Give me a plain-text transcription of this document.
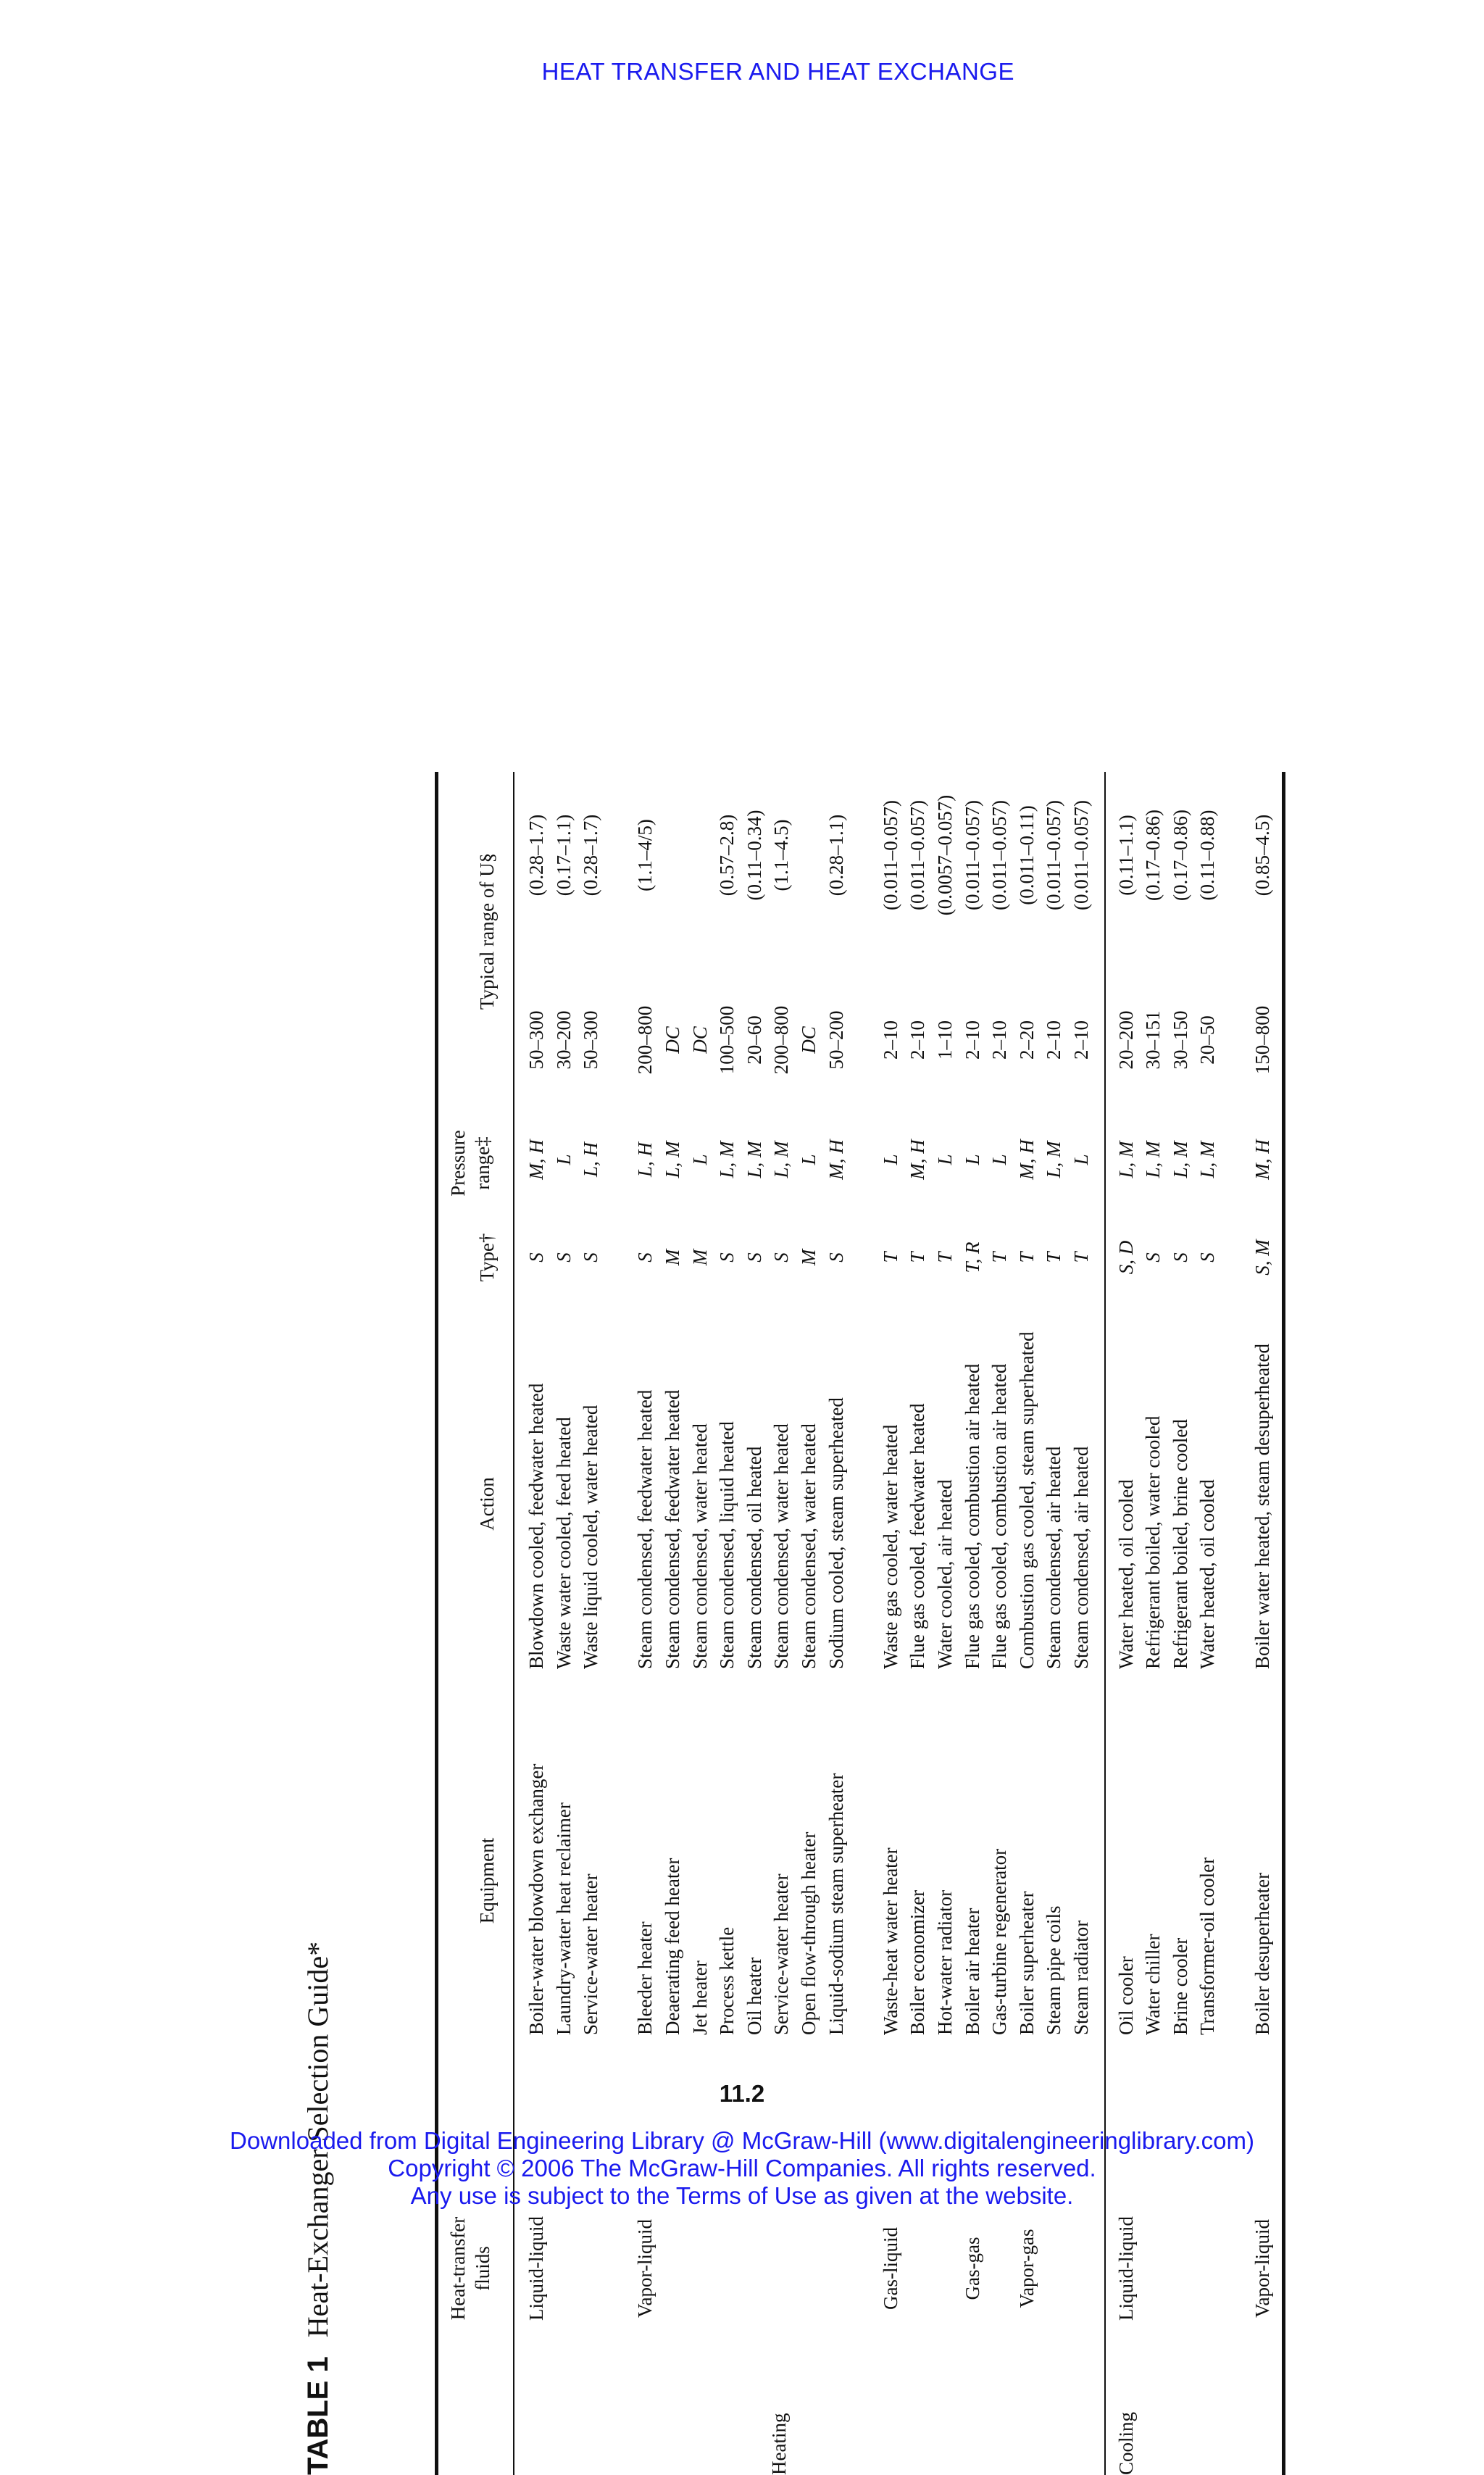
HEAT TRANSFER AND HEAT EXCHANGE
TABLE 1Heat-Exchanger Selection Guide*	Heat-transfer fluids
Equipment
Action
Type†
Pressure range‡
Typical range of U§
Liquid-liquid
Boiler-water blowdown exchanger
Blowdown cooled, feedwater heated
S
M, H
50–300
(0.28–1.7)
Laundry-water heat reclaimer
Waste water cooled, feed heated
S
L
30–200
(0.17–1.1)
Service-water heater
Waste liquid cooled, water heated
S
L, H
50–300
(0.28–1.7)
Vapor-liquid
Bleeder heater
Steam condensed, feedwater heated
S
L, H
200–800
(1.1–4/5)
Deaerating feed heater
Steam condensed, feedwater heated
M
L, M
DC
Jet heater
Steam condensed, water heated
M
L
DC
Process kettle
Steam condensed, liquid heated
S
L, M
100–500
(0.57–2.8)
Oil heater
Steam condensed, oil heated
S
L, M
20–60
(0.11–0.34)
Service-water heater
Steam condensed, water heated
S
L, M
200–800
(1.1–4.5)
Open flow-through heater
Steam condensed, water heated
M
L
DC
Liquid-sodium steam superheater
Sodium cooled, steam superheated
S
M, H
50–200
(0.28–1.1)
Gas-liquid
Waste-heat water heater
Waste gas cooled, water heated
T
L
2–10
(0.011–0.057)
Boiler economizer
Flue gas cooled, feedwater heated
T
M, H
2–10
(0.011–0.057)
Hot-water radiator
Water cooled, air heated
T
L
1–10
(0.0057–0.057)
Gas-gas
Boiler air heater
Flue gas cooled, combustion air heated
T, R
L
2–10
(0.011–0.057)
Gas-turbine regenerator
Flue gas cooled, combustion air heated
T
L
2–10
(0.011–0.057)
Vapor-gas
Boiler superheater
Combustion gas cooled, steam superheated
T
M, H
2–20
(0.011–0.11)
Steam pipe coils
Steam condensed, air heated
T
L, M
2–10
(0.011–0.057)
Steam radiator
Steam condensed, air heated
T
L
2–10
(0.011–0.057)
Heating
Liquid-liquid
Oil cooler
Water heated, oil cooled
S, D
L, M
20–200
(0.11–1.1)
Water chiller
Refrigerant boiled, water cooled
S
L, M
30–151
(0.17–0.86)
Brine cooler
Refrigerant boiled, brine cooled
S
L, M
30–150
(0.17–0.86)
Transformer-oil cooler
Water heated, oil cooled
S
L, M
20–50
(0.11–0.88)
Vapor-liquid
Boiler desuperheater
Boiler water heated, steam desuperheated
S, M
M, H
150–800
(0.85–4.5)
Cooling
11.2
Downloaded from Digital Engineering Library @ McGraw-Hill (www.digitalengineeringlibrary.com)
Copyright © 2006 The McGraw-Hill Companies. All rights reserved.
Any use is subject to the Terms of Use as given at the website.
